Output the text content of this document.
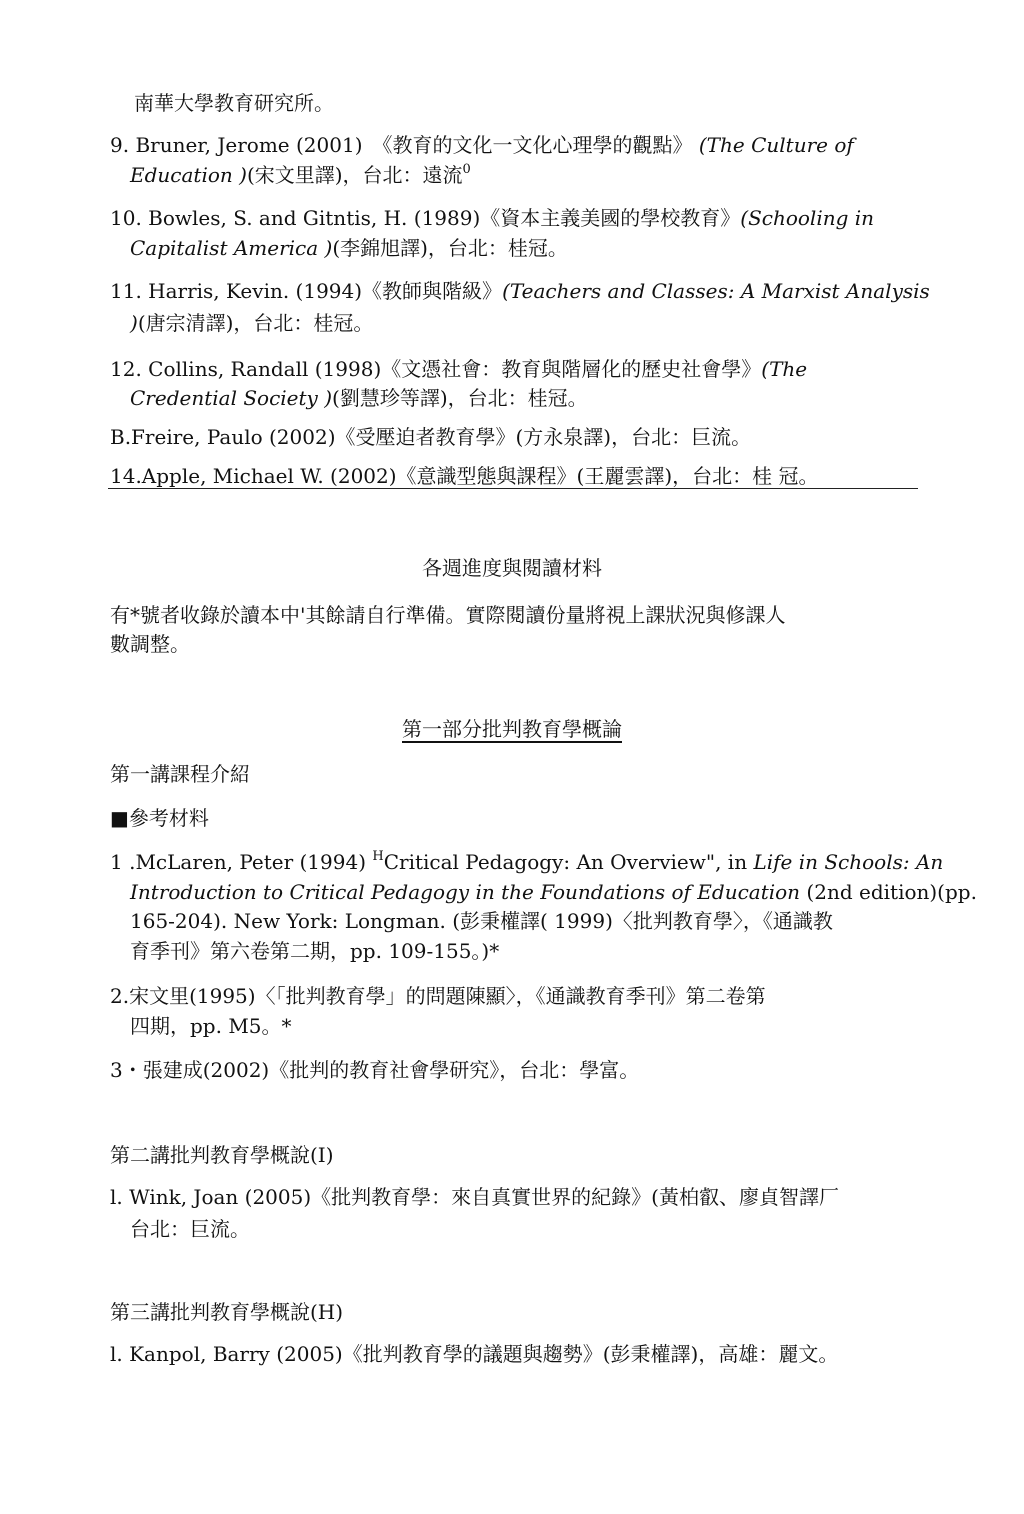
南華大學教育研究所。
9. Bruner, Jerome (2001)　《教育的文化一文化心理學的觀點》 (The Culture of
Education )(宋文里譯)，台北：遠流$^0$
10. Bowles, S. and Gitntis, H. (1989)《資本主義美國的學校教育》(Schooling in
Capitalist America )(李錦旭譯)，台北：桂冠。
11. Harris, Kevin. (1994)《教師與階級》(Teachers and Classes: A Marxist Analysis
)(唐宗清譯)，台北：桂冠。
12. Collins, Randall (1998)《文憑社會：教育與階層化的歷史社會學》(The
Credential Society )(劉慧珍等譯)，台北：桂冠。
B.Freire, Paulo (2002)《受壓迫者教育學》(方永泉譯)，台北：巨流。
14.Apple, Michael W. (2002)《意識型態與課程》(王麗雲譯)，台北：桂 冠。
各週進度與閱讀材料
有*號者收錄於讀本中'其餘請自行準備。實際閱讀份量將視上課狀況與修課人
數調整。
第一部分批判教育學概論
第一講課程介紹
■參考材料
1 .McLaren, Peter (1994) $^H$Critical Pedagogy: An Overview", in Life in Schools: An
Introduction to Critical Pedagogy in the Foundations of Education (2nd edition)(pp.
165-204). New York: Longman. (彭秉權譯( 1999)〈批判教育學〉，《通識教
育季刊》第六卷第二期，pp. 109-155。)*
2.宋文里(1995)〈「批判教育學」的問題陳顯〉，《通識教育季刊》第二卷第
四期，pp. M5。*
3・張建成(2002)《批判的教育社會學研究》，台北：學富。
第二講批判教育學概說(I)
l. Wink, Joan (2005)《批判教育學：來自真實世界的紀錄》(黃柏叡、廖貞智譯厂
台北：巨流。
第三講批判教育學概說(H)
l. Kanpol, Barry (2005)《批判教育學的議題與趨勢》(彭秉權譯)，高雄：麗文。
